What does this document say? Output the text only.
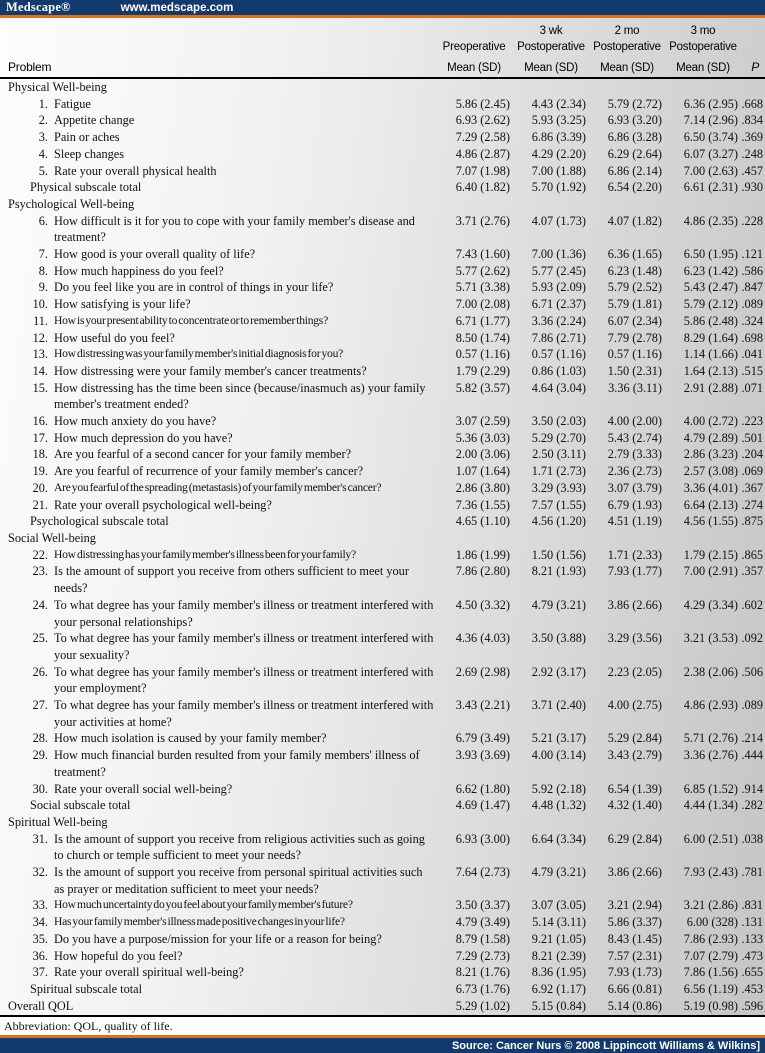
Medscape®	www.medscape.com
		3 wk	2 mo	3 mo	
	Preoperative	Postoperative	Postoperative	Postoperative	
Problem	Mean (SD)	Mean (SD)	Mean (SD)	Mean (SD)	P
Physical Well-being					

1. Fatigue	5.86 (2.45)	4.43 (2.34)	5.79 (2.72)	6.36 (2.95)	.668

2. Appetite change	6.93 (2.62)	5.93 (3.25)	6.93 (3.20)	7.14 (2.96)	.834

3. Pain or aches	7.29 (2.58)	6.86 (3.39)	6.86 (3.28)	6.50 (3.74)	.369

4. Sleep changes	4.86 (2.87)	4.29 (2.20)	6.29 (2.64)	6.07 (3.27)	.248

5. Rate your overall physical health	7.07 (1.98)	7.00 (1.88)	6.86 (2.14)	7.00 (2.63)	.457
Physical subscale total	6.40 (1.82)	5.70 (1.92)	6.54 (2.20)	6.61 (2.31)	.930
Psychological Well-being					

6. How difficult is it for you to cope with your family member's disease and treatment?	3.71 (2.76)	4.07 (1.73)	4.07 (1.82)	4.86 (2.35)	.228

7. How good is your overall quality of life?	7.43 (1.60)	7.00 (1.36)	6.36 (1.65)	6.50 (1.95)	.121

8. How much happiness do you feel?	5.77 (2.62)	5.77 (2.45)	6.23 (1.48)	6.23 (1.42)	.586

9. Do you feel like you are in control of things in your life?	5.71 (3.38)	5.93 (2.09)	5.79 (2.52)	5.43 (2.47)	.847

10. How satisfying is your life?	7.00 (2.08)	6.71 (2.37)	5.79 (1.81)	5.79 (2.12)	.089

11. How is your present ability to concentrate or to remember things?	6.71 (1.77)	3.36 (2.24)	6.07 (2.34)	5.86 (2.48)	.324

12. How useful do you feel?	8.50 (1.74)	7.86 (2.71)	7.79 (2.78)	8.29 (1.64)	.698

13. How distressing was your family member's initial diagnosis for you?	0.57 (1.16)	0.57 (1.16)	0.57 (1.16)	1.14 (1.66)	.041

14. How distressing were your family member's cancer treatments?	1.79 (2.29)	0.86 (1.03)	1.50 (2.31)	1.64 (2.13)	.515

15. How distressing has the time been since (because/inasmuch as) your family member's treatment ended?	5.82 (3.57)	4.64 (3.04)	3.36 (3.11)	2.91 (2.88)	.071

16. How much anxiety do you have?	3.07 (2.59)	3.50 (2.03)	4.00 (2.00)	4.00 (2.72)	.223

17. How much depression do you have?	5.36 (3.03)	5.29 (2.70)	5.43 (2.74)	4.79 (2.89)	.501

18. Are you fearful of a second cancer for your family member?	2.00 (3.06)	2.50 (3.11)	2.79 (3.33)	2.86 (3.23)	.204

19. Are you fearful of recurrence of your family member's cancer?	1.07 (1.64)	1.71 (2.73)	2.36 (2.73)	2.57 (3.08)	.069

20. Are you fearful of the spreading (metastasis) of your family member's cancer?	2.86 (3.80)	3.29 (3.93)	3.07 (3.79)	3.36 (4.01)	.367

21. Rate your overall psychological well-being?	7.36 (1.55)	7.57 (1.55)	6.79 (1.93)	6.64 (2.13)	.274
Psychological subscale total	4.65 (1.10)	4.56 (1.20)	4.51 (1.19)	4.56 (1.55)	.875
Social Well-being					

22. How distressing has your family member's illness been for your family?	1.86 (1.99)	1.50 (1.56)	1.71 (2.33)	1.79 (2.15)	.865

23. Is the amount of support you receive from others sufficient to meet your needs?	7.86 (2.80)	8.21 (1.93)	7.93 (1.77)	7.00 (2.91)	.357

24. To what degree has your family member's illness or treatment interfered with your personal relationships?	4.50 (3.32)	4.79 (3.21)	3.86 (2.66)	4.29 (3.34)	.602

25. To what degree has your family member's illness or treatment interfered with your sexuality?	4.36 (4.03)	3.50 (3.88)	3.29 (3.56)	3.21 (3.53)	.092

26. To what degree has your family member's illness or treatment interfered with your employment?	2.69 (2.98)	2.92 (3.17)	2.23 (2.05)	2.38 (2.06)	.506

27. To what degree has your family member's illness or treatment interfered with your activities at home?	3.43 (2.21)	3.71 (2.40)	4.00 (2.75)	4.86 (2.93)	.089

28. How much isolation is caused by your family member?	6.79 (3.49)	5.21 (3.17)	5.29 (2.84)	5.71 (2.76)	.214

29. How much financial burden resulted from your family members' illness of treatment?	3.93 (3.69)	4.00 (3.14)	3.43 (2.79)	3.36 (2.76)	.444

30. Rate your overall social well-being?	6.62 (1.80)	5.92 (2.18)	6.54 (1.39)	6.85 (1.52)	.914
Social subscale total	4.69 (1.47)	4.48 (1.32)	4.32 (1.40)	4.44 (1.34)	.282
Spiritual Well-being					

31. Is the amount of support you receive from religious activities such as going to church or temple sufficient to meet your needs?	6.93 (3.00)	6.64 (3.34)	6.29 (2.84)	6.00 (2.51)	.038

32. Is the amount of support you receive from personal spiritual activities such as prayer or meditation sufficient to meet your needs?	7.64 (2.73)	4.79 (3.21)	3.86 (2.66)	7.93 (2.43)	.781

33. How much uncertainty do you feel about your family member's future?	3.50 (3.37)	3.07 (3.05)	3.21 (2.94)	3.21 (2.86)	.831

34. Has your family member's illness made positive changes in your life?	4.79 (3.49)	5.14 (3.11)	5.86 (3.37)	6.00 (328)	.131

35. Do you have a purpose/mission for your life or a reason for being?	8.79 (1.58)	9.21 (1.05)	8.43 (1.45)	7.86 (2.93)	.133

36. How hopeful do you feel?	7.29 (2.73)	8.21 (2.39)	7.57 (2.31)	7.07 (2.79)	.473

37. Rate your overall spiritual well-being?	8.21 (1.76)	8.36 (1.95)	7.93 (1.73)	7.86 (1.56)	.655
Spiritual subscale total	6.73 (1.76)	6.92 (1.17)	6.66 (0.81)	6.56 (1.19)	.453
Overall QOL	5.29 (1.02)	5.15 (0.84)	5.14 (0.86)	5.19 (0.98)	.596
Abbreviation: QOL, quality of life.
Source: Cancer Nurs © 2008 Lippincott Williams & Wilkins]
